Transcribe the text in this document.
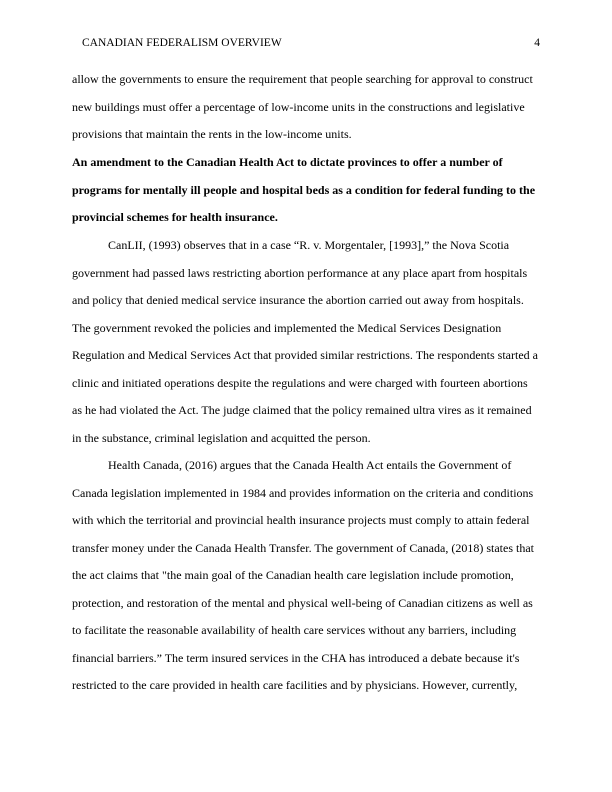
CANADIAN FEDERALISM OVERVIEW	4
allow the governments to ensure the requirement that people searching for approval to construct
new buildings must offer a percentage of low-income units in the constructions and legislative
provisions that maintain the rents in the low-income units.
An amendment to the Canadian Health Act to dictate provinces to offer a number of
programs for mentally ill people and hospital beds as a condition for federal funding to the
provincial schemes for health insurance.
CanLII, (1993) observes that in a case “R. v. Morgentaler, [1993],” the Nova Scotia
government had passed laws restricting abortion performance at any place apart from hospitals
and policy that denied medical service insurance the abortion carried out away from hospitals.
The government revoked the policies and implemented the Medical Services Designation
Regulation and Medical Services Act that provided similar restrictions. The respondents started a
clinic and initiated operations despite the regulations and were charged with fourteen abortions
as he had violated the Act. The judge claimed that the policy remained ultra vires as it remained
in the substance, criminal legislation and acquitted the person.
Health Canada, (2016) argues that the Canada Health Act entails the Government of
Canada legislation implemented in 1984 and provides information on the criteria and conditions
with which the territorial and provincial health insurance projects must comply to attain federal
transfer money under the Canada Health Transfer. The government of Canada, (2018) states that
the act claims that "the main goal of the Canadian health care legislation include promotion,
protection, and restoration of the mental and physical well-being of Canadian citizens as well as
to facilitate the reasonable availability of health care services without any barriers, including
financial barriers.” The term insured services in the CHA has introduced a debate because it's
restricted to the care provided in health care facilities and by physicians. However, currently,
